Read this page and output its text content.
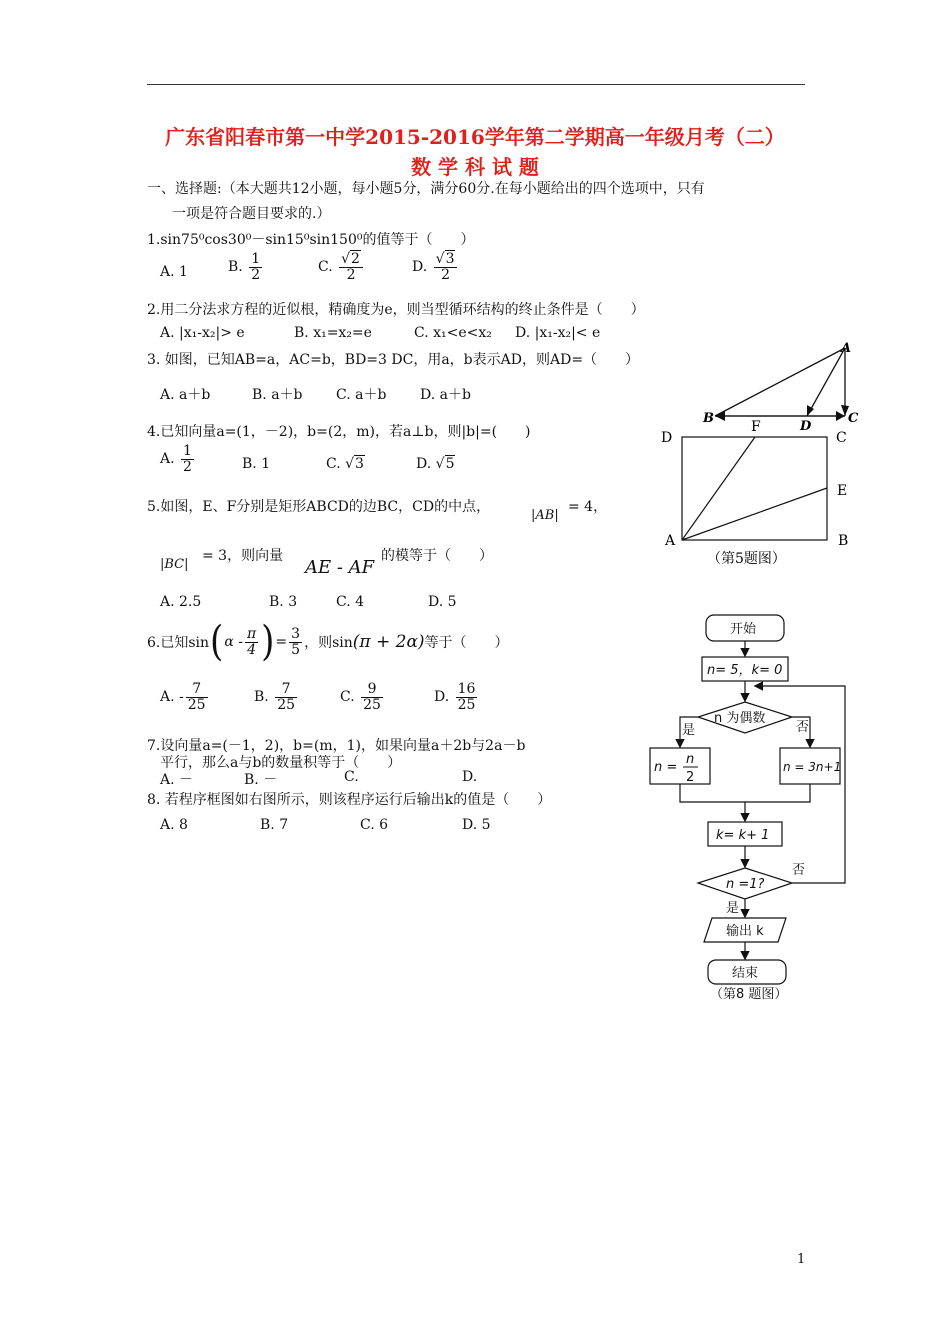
广东省阳春市第一中学2015-2016学年第二学期高一年级月考（二）
数 学 科 试 题
一、选择题:（本大题共12小题，每小题5分，满分60分.在每小题给出的四个选项中，只有
一项是符合题目要求的.）
1.sin75⁰cos30⁰－sin15⁰sin150⁰的值等于（　　）
A. 1	B. $\frac{1}{2}$	C. $\frac{√2}{2}$	D. $\frac{√3}{2}$
2.用二分法求方程的近似根，精确度为e，则当型循环结构的终止条件是（　　）
A. |x₁-x₂|> e	B. x₁=x₂=e	C. x₁<e<x₂ D. |x₁-x₂|< e
3. 如图，已知AB=a，AC=b，BD=3 DC，用a，b表示AD，则AD=（　　）
A. a＋b	B. a＋b C. a＋b D. a＋b
A
B	C
D
4.已知向量a=(1，－2)，b=(2，m)，若a⊥b，则|b|=(　　)
A. $\frac{1}{2}$	B. 1	C. √3	D. √5
5.如图，E、F分别是矩形ABCD的边BC，CD的中点，
|AB|
= 4，
|BC|
= 3，则向量
AE - AF
的模等于（　　）
A. 2.5	B. 3	C. 4	D. 5
D
F
C
E
A	B
（第5题图）
6.已知sin ( α - $\frac{\pi}{4}$ ) = $\frac{3}{5}$ ，则sin (π + 2α) 等于（　　）
A.
- $\frac{7}{25}$	B.
$\frac{7}{25}$	C.
$\frac{9}{25}$	D.
$\frac{16}{25}$
7.设向量a=(－1，2)，b=(m，1)，如果向量a＋2b与2a－b
平行，那么a与b的数量积等于（　　）
A. －	B. －	C.	D.
8. 若程序框图如右图所示，则该程序运行后输出k的值是（　　）
A. 8	B. 7	C. 6	D. 5
开始
n= 5，k= 0
n 为偶数
是	否
n =
n
2
n = 3n+1
k= k+ 1
否
n =1?
是
输出 k
结束
（第8 题图）
1
